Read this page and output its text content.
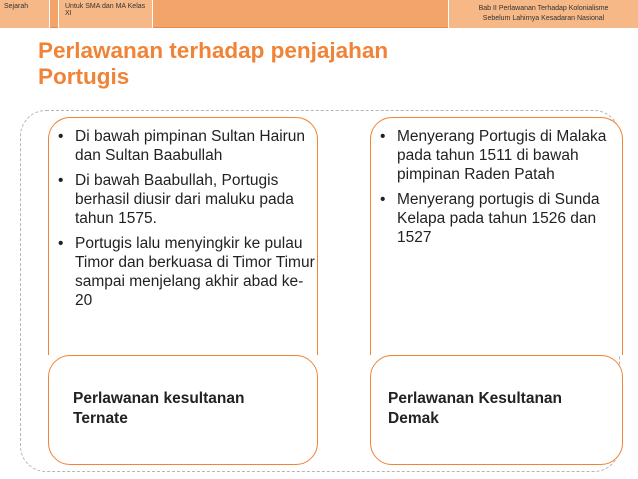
Sejarah	Untuk SMA dan MA Kelas XI
Bab II Perlawanan Terhadap Kolonialisme
Sebelum Lahirnya Kesadaran Nasional
Perlawanan terhadap penjajahan
Portugis
• Di bawah pimpinan Sultan Hairun dan Sultan Baabullah
• Di bawah Baabullah, Portugis berhasil diusir dari maluku pada tahun 1575.
• Portugis lalu menyingkir ke pulau Timor dan berkuasa di Timor Timur sampai menjelang akhir abad ke-20
• Menyerang Portugis di Malaka pada tahun 1511 di bawah pimpinan Raden Patah
• Menyerang portugis di Sunda Kelapa pada tahun 1526 dan 1527
Perlawanan kesultanan Ternate
Perlawanan Kesultanan Demak
